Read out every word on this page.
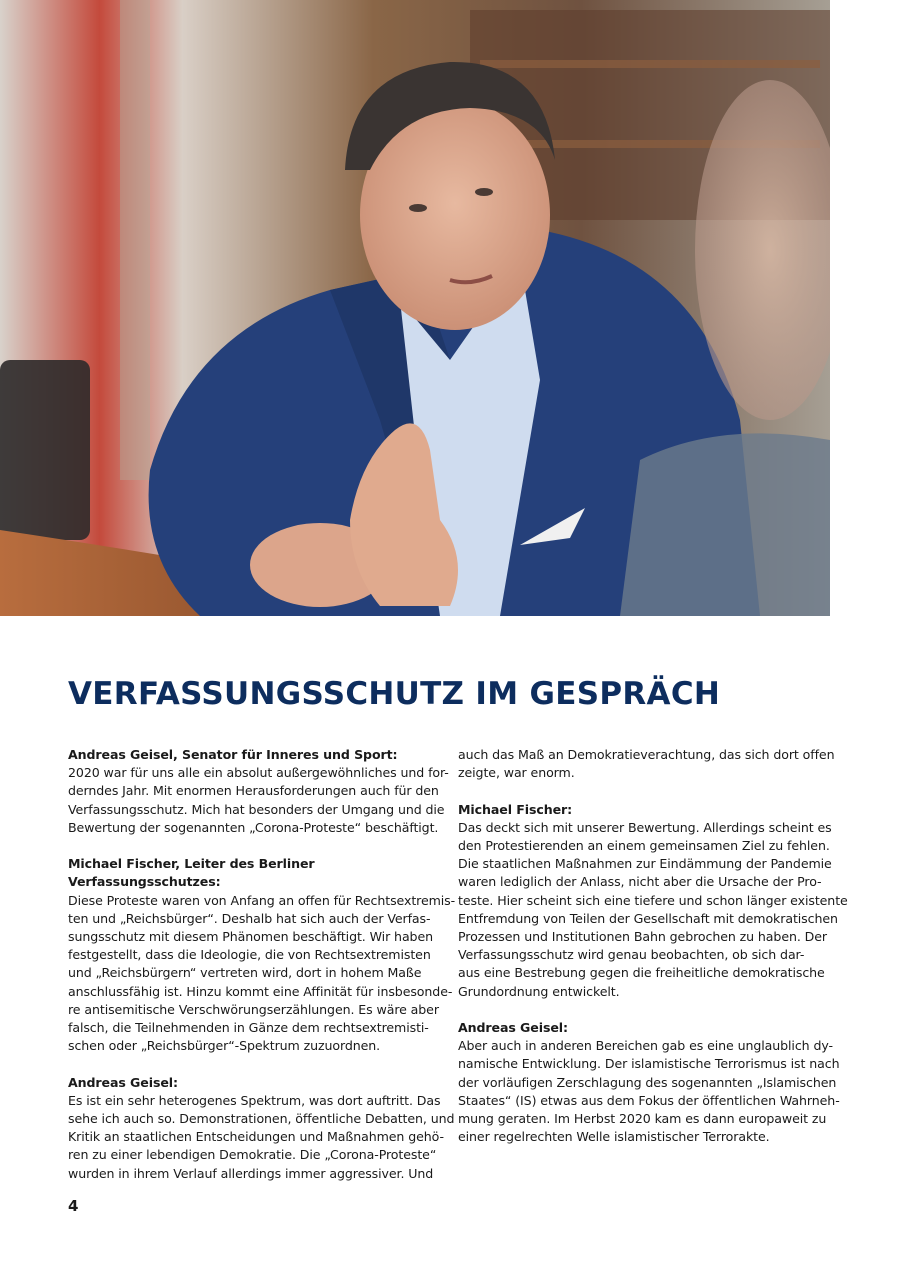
VERFASSUNGSSCHUTZ IM GESPRÄCH
Andreas Geisel, Senator für Inneres und Sport:
2020 war für uns alle ein absolut außergewöhnliches und for-
derndes Jahr. Mit enormen Herausforderungen auch für den
Verfassungsschutz. Mich hat besonders der Umgang und die
Bewertung der sogenannten „Corona-Proteste“ beschäftigt.
Michael Fischer, Leiter des Berliner Verfassungsschutzes:
Diese Proteste waren von Anfang an offen für Rechtsextremis-
ten und „Reichsbürger“. Deshalb hat sich auch der Verfas-
sungsschutz mit diesem Phänomen beschäftigt. Wir haben
festgestellt, dass die Ideologie, die von Rechtsextremisten
und „Reichsbürgern“ vertreten wird, dort in hohem Maße
anschlussfähig ist. Hinzu kommt eine Affinität für insbesonde-
re antisemitische Verschwörungserzählungen. Es wäre aber
falsch, die Teilnehmenden in Gänze dem rechtsextremisti-
schen oder „Reichsbürger“-Spektrum zuzuordnen.
Andreas Geisel:
Es ist ein sehr heterogenes Spektrum, was dort auftritt. Das
sehe ich auch so. Demonstrationen, öffentliche Debatten, und
Kritik an staatlichen Entscheidungen und Maßnahmen gehö-
ren zu einer lebendigen Demokratie. Die „Corona-Proteste“
wurden in ihrem Verlauf allerdings immer aggressiver. Und
auch das Maß an Demokratieverachtung, das sich dort offen
zeigte, war enorm.
Michael Fischer:
Das deckt sich mit unserer Bewertung. Allerdings scheint es
den Protestierenden an einem gemeinsamen Ziel zu fehlen.
Die staatlichen Maßnahmen zur Eindämmung der Pandemie
waren lediglich der Anlass, nicht aber die Ursache der Pro-
teste. Hier scheint sich eine tiefere und schon länger existente
Entfremdung von Teilen der Gesellschaft mit demokratischen
Prozessen und Institutionen Bahn gebrochen zu haben. Der
Verfassungsschutz wird genau beobachten, ob sich dar-
aus eine Bestrebung gegen die freiheitliche demokratische
Grundordnung entwickelt.
Andreas Geisel:
Aber auch in anderen Bereichen gab es eine unglaublich dy-
namische Entwicklung. Der islamistische Terrorismus ist nach
der vorläufigen Zerschlagung des sogenannten „Islamischen
Staates“ (IS) etwas aus dem Fokus der öffentlichen Wahrneh-
mung geraten. Im Herbst 2020 kam es dann europaweit zu
einer regelrechten Welle islamistischer Terrorakte.
4
